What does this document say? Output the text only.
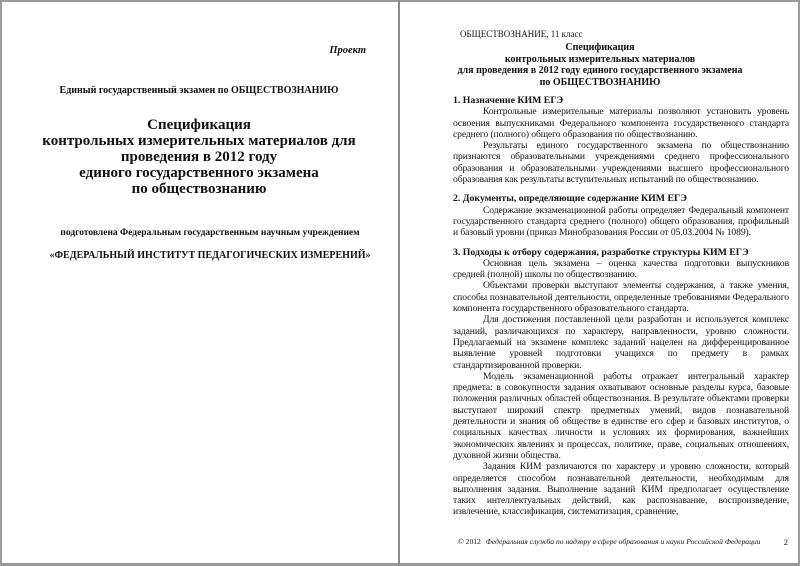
Проект
Единый государственный экзамен по ОБЩЕСТВОЗНАНИЮ
Спецификация
контрольных измерительных материалов для
проведения в 2012 году
единого государственного экзамена
по обществознанию
подготовлена Федеральным государственным научным учреждением
«ФЕДЕРАЛЬНЫЙ ИНСТИТУТ ПЕДАГОГИЧЕСКИХ ИЗМЕРЕНИЙ»
ОБЩЕСТВОЗНАНИЕ, 11 класс
Спецификация
контрольных измерительных материалов
для проведения в 2012 году единого государственного экзамена
по ОБЩЕСТВОЗНАНИЮ
1. Назначение КИМ ЕГЭ

Контрольные измерительные материалы позволяют установить уровень освоения выпускниками Федерального компонента государственного стандарта среднего (полного) общего образования по обществознанию.

Результаты единого государственного экзамена по обществознанию признаются образовательными учреждениями среднего профессионального образования и образовательными учреждениями высшего профессионального образования как результаты вступительных испытаний по обществознанию.

2. Документы, определяющие содержание КИМ ЕГЭ

Содержание экзаменационной работы определяет Федеральный компонент государственного стандарта среднего (полного) общего образования, профильный и базовый уровни (приказ Минобразования России от 05.03.2004 № 1089).

3. Подходы к отбору содержания, разработке структуры КИМ ЕГЭ

Основная цель экзамена – оценка качества подготовки выпускников средней (полной) школы по обществознанию.

Объектами проверки выступают элементы содержания, а также умения, способы познавательной деятельности, определенные требованиями Федерального компонента государственного образовательного стандарта.

Для достижения поставленной цели разработан и используется комплекс заданий, различающихся по характеру, направленности, уровню сложности. Предлагаемый на экзамене комплекс заданий нацелен на дифференцированное выявление уровней подготовки учащихся по предмету в рамках стандартизированной проверки.

Модель экзаменационной работы отражает интегральный характер предмета: в совокупности задания охватывают основные разделы курса, базовые положения различных областей обществознания. В результате объектами проверки выступают широкий спектр предметных умений, видов познавательной деятельности и знания об обществе в единстве его сфер и базовых институтов, о социальных качествах личности и условиях их формирования, важнейших экономических явлениях и процессах, политике, праве, социальных отношениях, духовной жизни общества.

Задания КИМ различаются по характеру и уровню сложности, который определяется способом познавательной деятельности, необходимым для выполнения задания. Выполнение заданий КИМ предполагает осуществление таких интеллектуальных действий, как распознавание, воспроизведение, извлечение, классификация, систематизация, сравнение,

© 2012 Федеральная служба по надзору в сфере образования и науки Российской Федерации	2
